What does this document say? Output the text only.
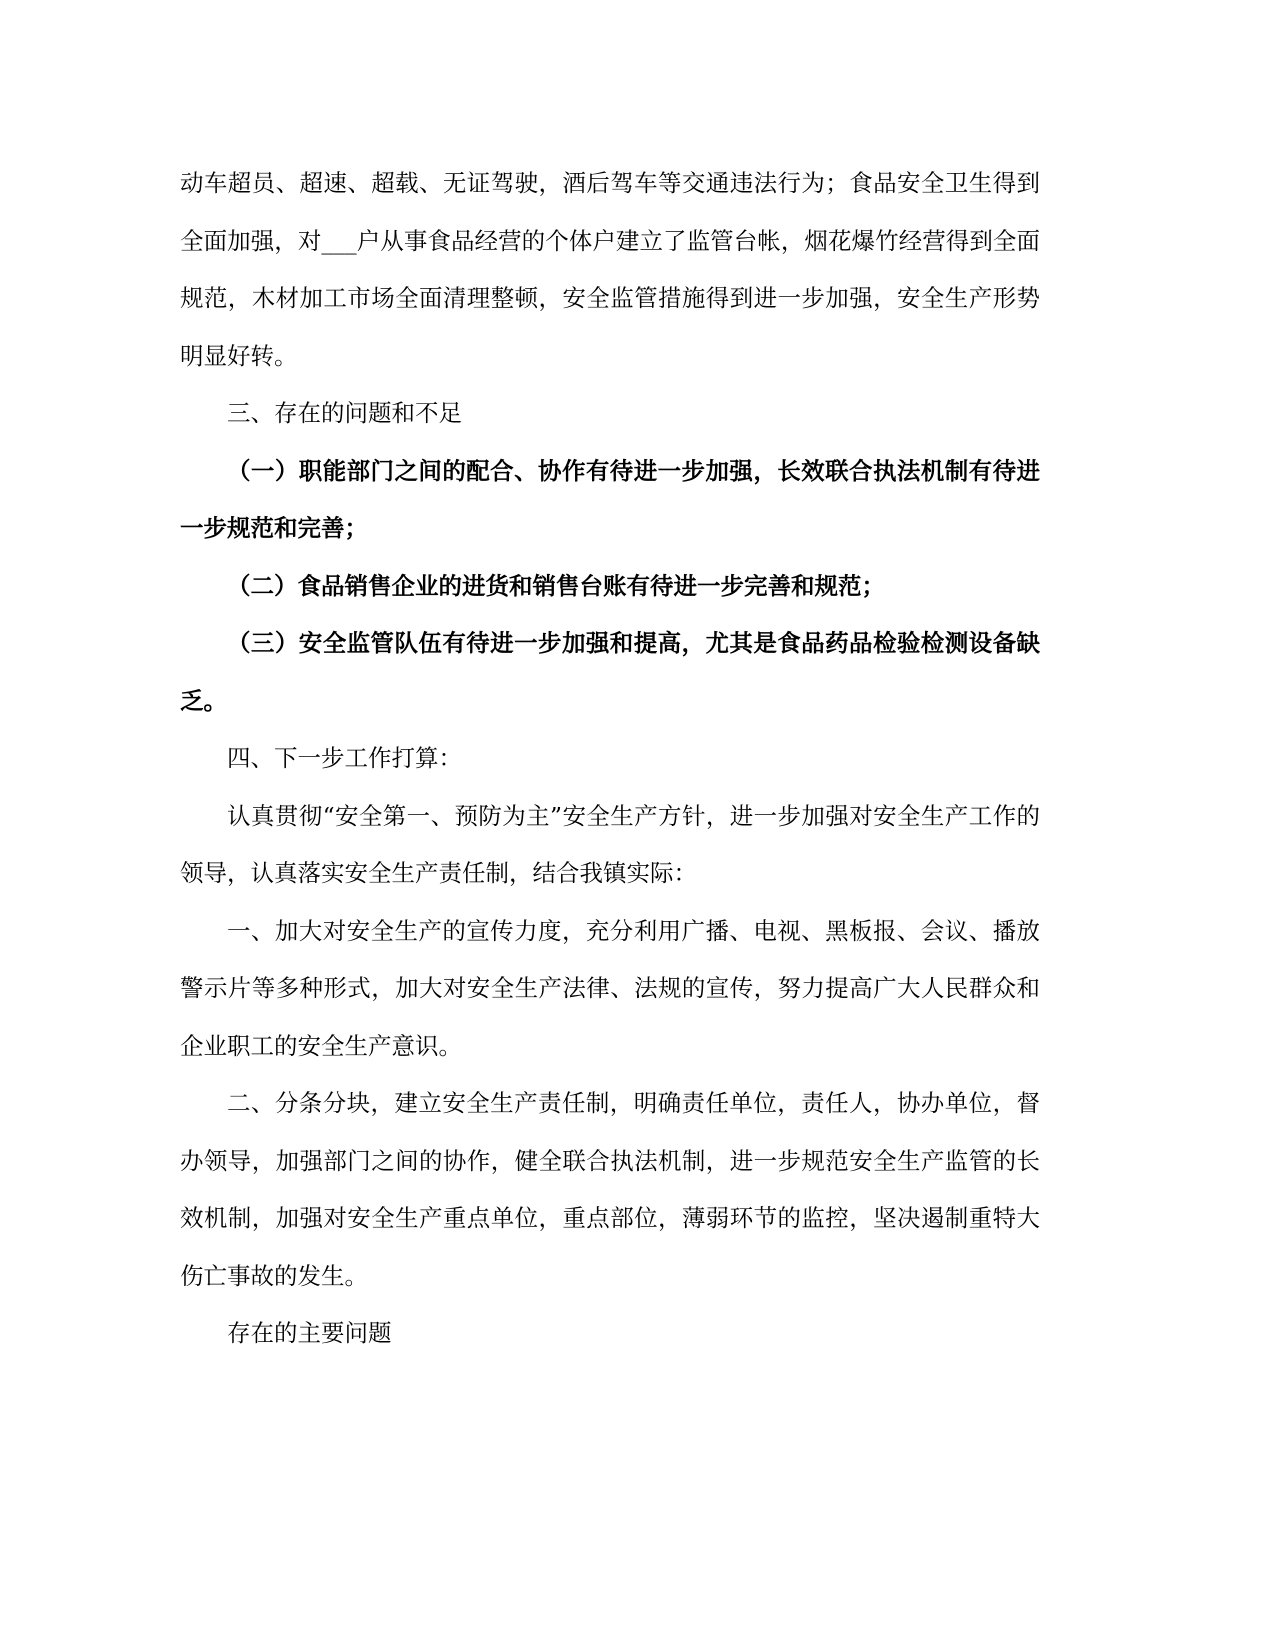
动车超员、超速、超载、无证驾驶，酒后驾车等交通违法行为；食品安全卫生得到全面加强，对___户从事食品经营的个体户建立了监管台帐，烟花爆竹经营得到全面规范，木材加工市场全面清理整顿，安全监管措施得到进一步加强，安全生产形势明显好转。

三、存在的问题和不足

（一）职能部门之间的配合、协作有待进一步加强，长效联合执法机制有待进一步规范和完善；

（二）食品销售企业的进货和销售台账有待进一步完善和规范；

（三）安全监管队伍有待进一步加强和提高，尤其是食品药品检验检测设备缺乏。

四、下一步工作打算：

认真贯彻“安全第一、预防为主”安全生产方针，进一步加强对安全生产工作的领导，认真落实安全生产责任制，结合我镇实际：

一、加大对安全生产的宣传力度，充分利用广播、电视、黑板报、会议、播放警示片等多种形式，加大对安全生产法律、法规的宣传，努力提高广大人民群众和企业职工的安全生产意识。

二、分条分块，建立安全生产责任制，明确责任单位，责任人，协办单位，督办领导，加强部门之间的协作，健全联合执法机制，进一步规范安全生产监管的长效机制，加强对安全生产重点单位，重点部位，薄弱环节的监控，坚决遏制重特大伤亡事故的发生。

存在的主要问题
